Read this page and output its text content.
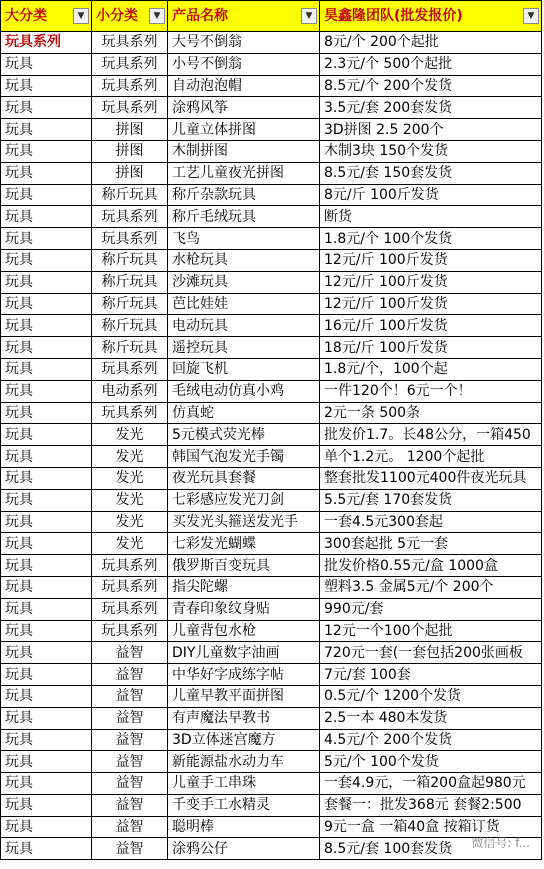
大分类 ▼	小分类 ▼	产品名称 ▼	昊鑫隆团队(批发报价) ▼

玩具系列	玩具系列	大号不倒翁	8元/个 200个起批
玩具	玩具系列	小号不倒翁	2.3元/个 500个起批
玩具	玩具系列	自动泡泡帽	8.5元/个 200个发货
玩具	玩具系列	涂鸦风筝	3.5元/套 200套发货
玩具	拼图	儿童立体拼图	3D拼图 2.5 200个
玩具	拼图	木制拼图	木制3块 150个发货
玩具	拼图	工艺儿童夜光拼图	8.5元/套 150套发货
玩具	称斤玩具	称斤杂款玩具	8元/斤 100斤发货
玩具	玩具系列	称斤毛绒玩具	断货
玩具	玩具系列	飞鸟	1.8元/个 100个发货
玩具	称斤玩具	水枪玩具	12元/斤 100斤发货
玩具	称斤玩具	沙滩玩具	12元/斤 100斤发货
玩具	称斤玩具	芭比娃娃	12元/斤 100斤发货
玩具	称斤玩具	电动玩具	16元/斤 100斤发货
玩具	称斤玩具	遥控玩具	18元/斤 100斤发货
玩具	玩具系列	回旋飞机	1.8元/个，100个起
玩具	电动系列	毛绒电动仿真小鸡	一件120个！6元一个！
玩具	玩具系列	仿真蛇	2元一条 500条
玩具	发光	5元模式荧光棒	批发价1.7。长48公分，一箱450
玩具	发光	韩国气泡发光手镯	单个1.2元。 1200个起批
玩具	发光	夜光玩具套餐	整套批发1100元400件夜光玩具
玩具	发光	七彩感应发光刀剑	5.5元/套 170套发货
玩具	发光	买发光头箍送发光手	一套4.5元300套起
玩具	发光	七彩发光蝴蝶	300套起批 5元一套
玩具	玩具系列	俄罗斯百变玩具	批发价格0.55元/盒 1000盒
玩具	玩具系列	指尖陀螺	塑料3.5 金属5元/个 200个
玩具	玩具系列	青春印象纹身贴	990元/套
玩具	玩具系列	儿童背包水枪	12元一个100个起批
玩具	益智	DIY儿童数字油画	720元一套(一套包括200张画板
玩具	益智	中华好字成练字帖	7元/套 100套
玩具	益智	儿童早教平面拼图	0.5元/个 1200个发货
玩具	益智	有声魔法早教书	2.5一本 480本发货
玩具	益智	3D立体迷宫魔方	4.5元/个 200个发货
玩具	益智	新能源盐水动力车	5元/个 100个发货
玩具	益智	儿童手工串珠	一套4.9元，一箱200盒起980元
玩具	益智	千变手工水精灵	套餐一：批发368元 套餐2:500
玩具	益智	聪明棒	9元一盒 一箱40盒 按箱订货
玩具	益智	涂鸦公仔	8.5元/套 100套发货 微信号: f...
